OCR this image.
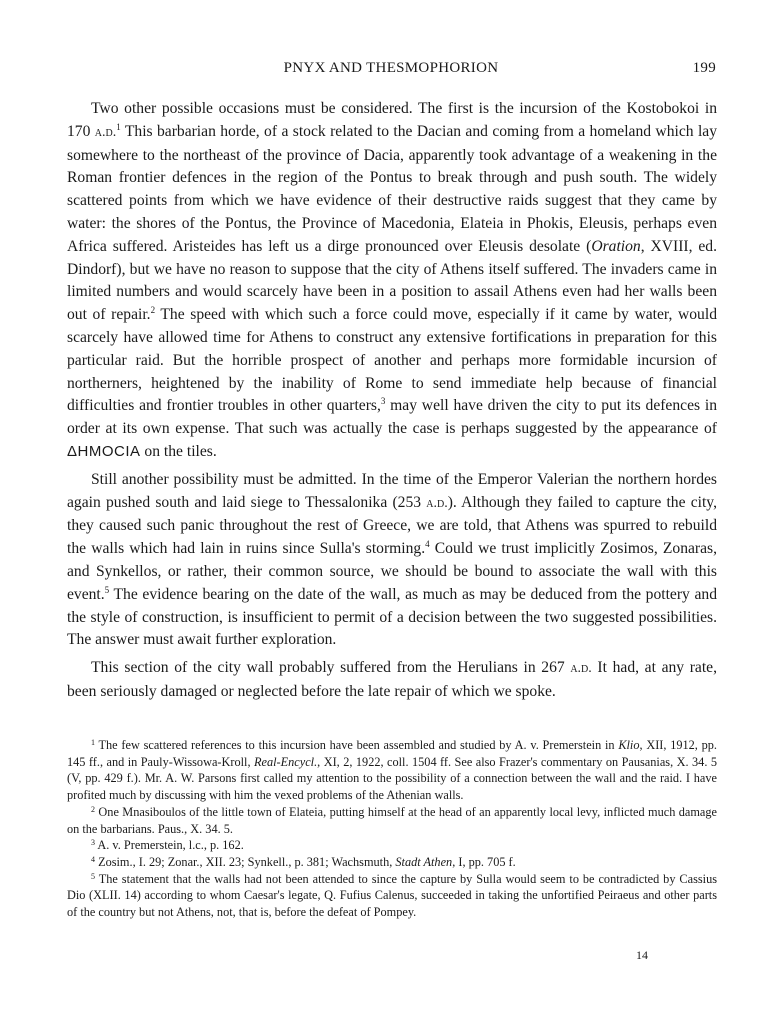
PNYX AND THESMOPHORION	199

Two other possible occasions must be considered. The first is the incursion of the Kostobokoi in 170 a.d.$^1$ This barbarian horde, of a stock related to the Dacian and coming from a homeland which lay somewhere to the northeast of the province of Dacia, apparently took advantage of a weakening in the Roman frontier defences in the region of the Pontus to break through and push south. The widely scattered points from which we have evidence of their destructive raids suggest that they came by water: the shores of the Pontus, the Province of Macedonia, Elateia in Phokis, Eleusis, perhaps even Africa suffered. Aristeides has left us a dirge pronounced over Eleusis desolate (Oration, XVIII, ed. Dindorf), but we have no reason to suppose that the city of Athens itself suffered. The invaders came in limited numbers and would scarcely have been in a position to assail Athens even had her walls been out of repair.$^2$ The speed with which such a force could move, especially if it came by water, would scarcely have allowed time for Athens to construct any extensive fortifications in preparation for this particular raid. But the horrible prospect of another and perhaps more formidable incursion of northerners, heightened by the inability of Rome to send immediate help because of financial difficulties and frontier troubles in other quarters,$^3$ may well have driven the city to put its defences in order at its own expense. That such was actually the case is perhaps suggested by the appearance of ΔΗΜΟCΙΑ on the tiles.

Still another possibility must be admitted. In the time of the Emperor Valerian the northern hordes again pushed south and laid siege to Thessalonika (253 a.d.). Although they failed to capture the city, they caused such panic throughout the rest of Greece, we are told, that Athens was spurred to rebuild the walls which had lain in ruins since Sulla's storming.$^4$ Could we trust implicitly Zosimos, Zonaras, and Synkellos, or rather, their common source, we should be bound to associate the wall with this event.$^5$ The evidence bearing on the date of the wall, as much as may be deduced from the pottery and the style of construction, is insufficient to permit of a decision between the two suggested possibilities. The answer must await further exploration.

This section of the city wall probably suffered from the Herulians in 267 a.d. It had, at any rate, been seriously damaged or neglected before the late repair of which we spoke.

$^1$ The few scattered references to this incursion have been assembled and studied by A. v. Premerstein in Klio, XII, 1912, pp. 145 ff., and in Pauly-Wissowa-Kroll, Real-Encycl., XI, 2, 1922, coll. 1504 ff. See also Frazer's commentary on Pausanias, X. 34. 5 (V, pp. 429 f.). Mr. A. W. Parsons first called my attention to the possibility of a connection between the wall and the raid. I have profited much by discussing with him the vexed problems of the Athenian walls.

$^2$ One Mnasiboulos of the little town of Elateia, putting himself at the head of an apparently local levy, inflicted much damage on the barbarians. Paus., X. 34. 5.

$^3$ A. v. Premerstein, l.c., p. 162.

$^4$ Zosim., I. 29; Zonar., XII. 23; Synkell., p. 381; Wachsmuth, Stadt Athen, I, pp. 705 f.

$^5$ The statement that the walls had not been attended to since the capture by Sulla would seem to be contradicted by Cassius Dio (XLII. 14) according to whom Caesar's legate, Q. Fufius Calenus, succeeded in taking the unfortified Peiraeus and other parts of the country but not Athens, not, that is, before the defeat of Pompey.

14
